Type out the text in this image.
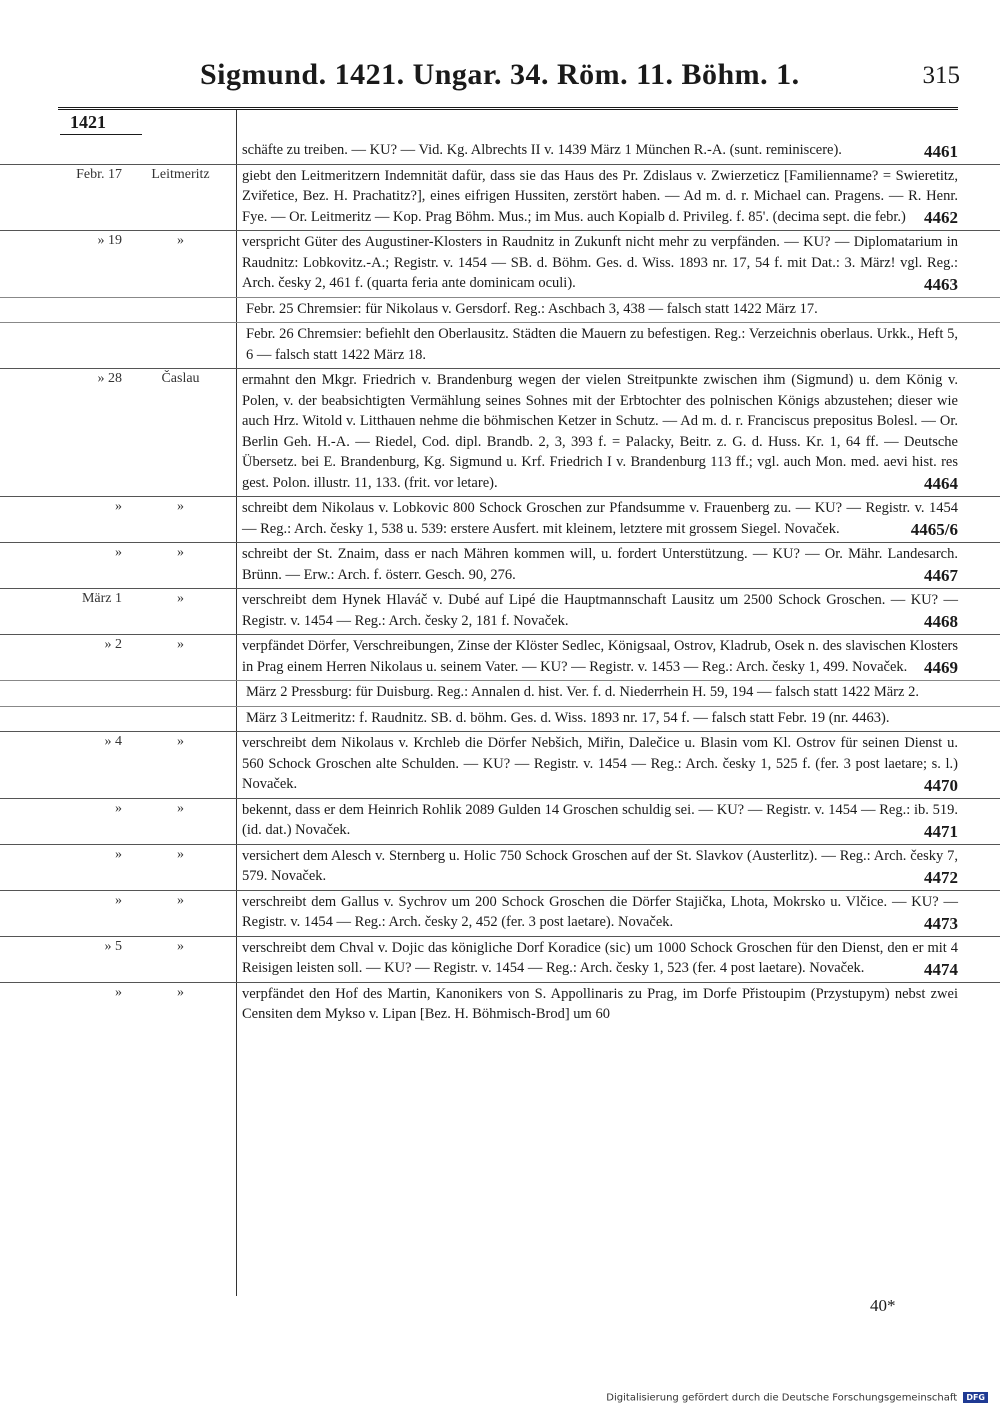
Sigmund. 1421. Ungar. 34. Röm. 11. Böhm. 1.	315
1421

schäfte zu treiben. — KU? — Vid. Kg. Albrechts II v. 1439 März 1 München R.-A. (sunt. reminiscere).	4461
Febr. 17	Leitmeritz	giebt den Leitmeritzern Indemnität dafür, dass sie das Haus des Pr. Zdislaus v. Zwierzeticz [Familienname? = Swieretitz, Zviřetice, Bez. H. Prachatitz?], eines eifrigen Hussiten, zerstört haben. — Ad m. d. r. Michael can. Pragens. — R. Henr. Fye. — Or. Leitmeritz — Kop. Prag Böhm. Mus.; im Mus. auch Kopialb d. Privileg. f. 85'. (decima sept. die febr.)	4462
» 19	»	verspricht Güter des Augustiner-Klosters in Raudnitz in Zukunft nicht mehr zu verpfänden. — KU? — Diplomatarium in Raudnitz: Lobkovitz.-A.; Registr. v. 1454 — SB. d. Böhm. Ges. d. Wiss. 1893 nr. 17, 54 f. mit Dat.: 3. März! vgl. Reg.: Arch. česky 2, 461 f. (quarta feria ante dominicam oculi).	4463

Febr. 25 Chremsier: für Nikolaus v. Gersdorf. Reg.: Aschbach 3, 438 — falsch statt 1422 März 17.

Febr. 26 Chremsier: befiehlt den Oberlausitz. Städten die Mauern zu befestigen. Reg.: Verzeichnis oberlaus. Urkk., Heft 5, 6 — falsch statt 1422 März 18.

» 28	Časlau	ermahnt den Mkgr. Friedrich v. Brandenburg wegen der vielen Streitpunkte zwischen ihm (Sigmund) u. dem König v. Polen, v. der beabsichtigten Vermählung seines Sohnes mit der Erbtochter des polnischen Königs abzustehen; dieser wie auch Hrz. Witold v. Litthauen nehme die böhmischen Ketzer in Schutz. — Ad m. d. r. Franciscus prepositus Bolesl. — Or. Berlin Geh. H.-A. — Riedel, Cod. dipl. Brandb. 2, 3, 393 f. = Palacky, Beitr. z. G. d. Huss. Kr. 1, 64 ff. — Deutsche Übersetz. bei E. Brandenburg, Kg. Sigmund u. Krf. Friedrich I v. Brandenburg 113 ff.; vgl. auch Mon. med. aevi hist. res gest. Polon. illustr. 11, 133. (frit. vor letare).	4464
»	»	schreibt dem Nikolaus v. Lobkovic 800 Schock Groschen zur Pfandsumme v. Frauenberg zu. — KU? — Registr. v. 1454 — Reg.: Arch. česky 1, 538 u. 539: erstere Ausfert. mit kleinem, letztere mit grossem Siegel. Novaček.	4465/6
»	»	schreibt der St. Znaim, dass er nach Mähren kommen will, u. fordert Unterstützung. — KU? — Or. Mähr. Landesarch. Brünn. — Erw.: Arch. f. österr. Gesch. 90, 276.	4467
März 1	»	verschreibt dem Hynek Hlaváč v. Dubé auf Lipé die Hauptmannschaft Lausitz um 2500 Schock Groschen. — KU? — Registr. v. 1454 — Reg.: Arch. česky 2, 181 f. Novaček.	4468
» 2	»	verpfändet Dörfer, Verschreibungen, Zinse der Klöster Sedlec, Königsaal, Ostrov, Kladrub, Osek n. des slavischen Klosters in Prag einem Herren Nikolaus u. seinem Vater. — KU? — Registr. v. 1453 — Reg.: Arch. česky 1, 499. Novaček. 4469

März 2 Pressburg: für Duisburg. Reg.: Annalen d. hist. Ver. f. d. Niederrhein H. 59, 194 — falsch statt 1422 März 2.

März 3 Leitmeritz: f. Raudnitz. SB. d. böhm. Ges. d. Wiss. 1893 nr. 17, 54 f. — falsch statt Febr. 19 (nr. 4463).

» 4	»	verschreibt dem Nikolaus v. Krchleb die Dörfer Nebšich, Miřin, Dalečice u. Blasin vom Kl. Ostrov für seinen Dienst u. 560 Schock Groschen alte Schulden. — KU? — Registr. v. 1454 — Reg.: Arch. česky 1, 525 f. (fer. 3 post laetare; s. l.) Novaček.	4470
»	»	bekennt, dass er dem Heinrich Rohlik 2089 Gulden 14 Groschen schuldig sei. — KU? — Registr. v. 1454 — Reg.: ib. 519. (id. dat.) Novaček.	4471
»	»	versichert dem Alesch v. Sternberg u. Holic 750 Schock Groschen auf der St. Slavkov (Austerlitz). — Reg.: Arch. česky 7, 579. Novaček.	4472
»	»	verschreibt dem Gallus v. Sychrov um 200 Schock Groschen die Dörfer Stajička, Lhota, Mokrsko u. Vlčice. — KU? — Registr. v. 1454 — Reg.: Arch. česky 2, 452 (fer. 3 post laetare). Novaček.	4473
» 5	»	verschreibt dem Chval v. Dojic das königliche Dorf Koradice (sic) um 1000 Schock Groschen für den Dienst, den er mit 4 Reisigen leisten soll. — KU? — Registr. v. 1454 — Reg.: Arch. česky 1, 523 (fer. 4 post laetare). Novaček.	4474
»	»	verpfändet den Hof des Martin, Kanonikers von S. Appollinaris zu Prag, im Dorfe Přistoupim (Przystupym) nebst zwei Censiten dem Mykso v. Lipan [Bez. H. Böhmisch-Brod] um 60

40*
Digitalisierung gefördert durch die Deutsche Forschungsgemeinschaft DFG
